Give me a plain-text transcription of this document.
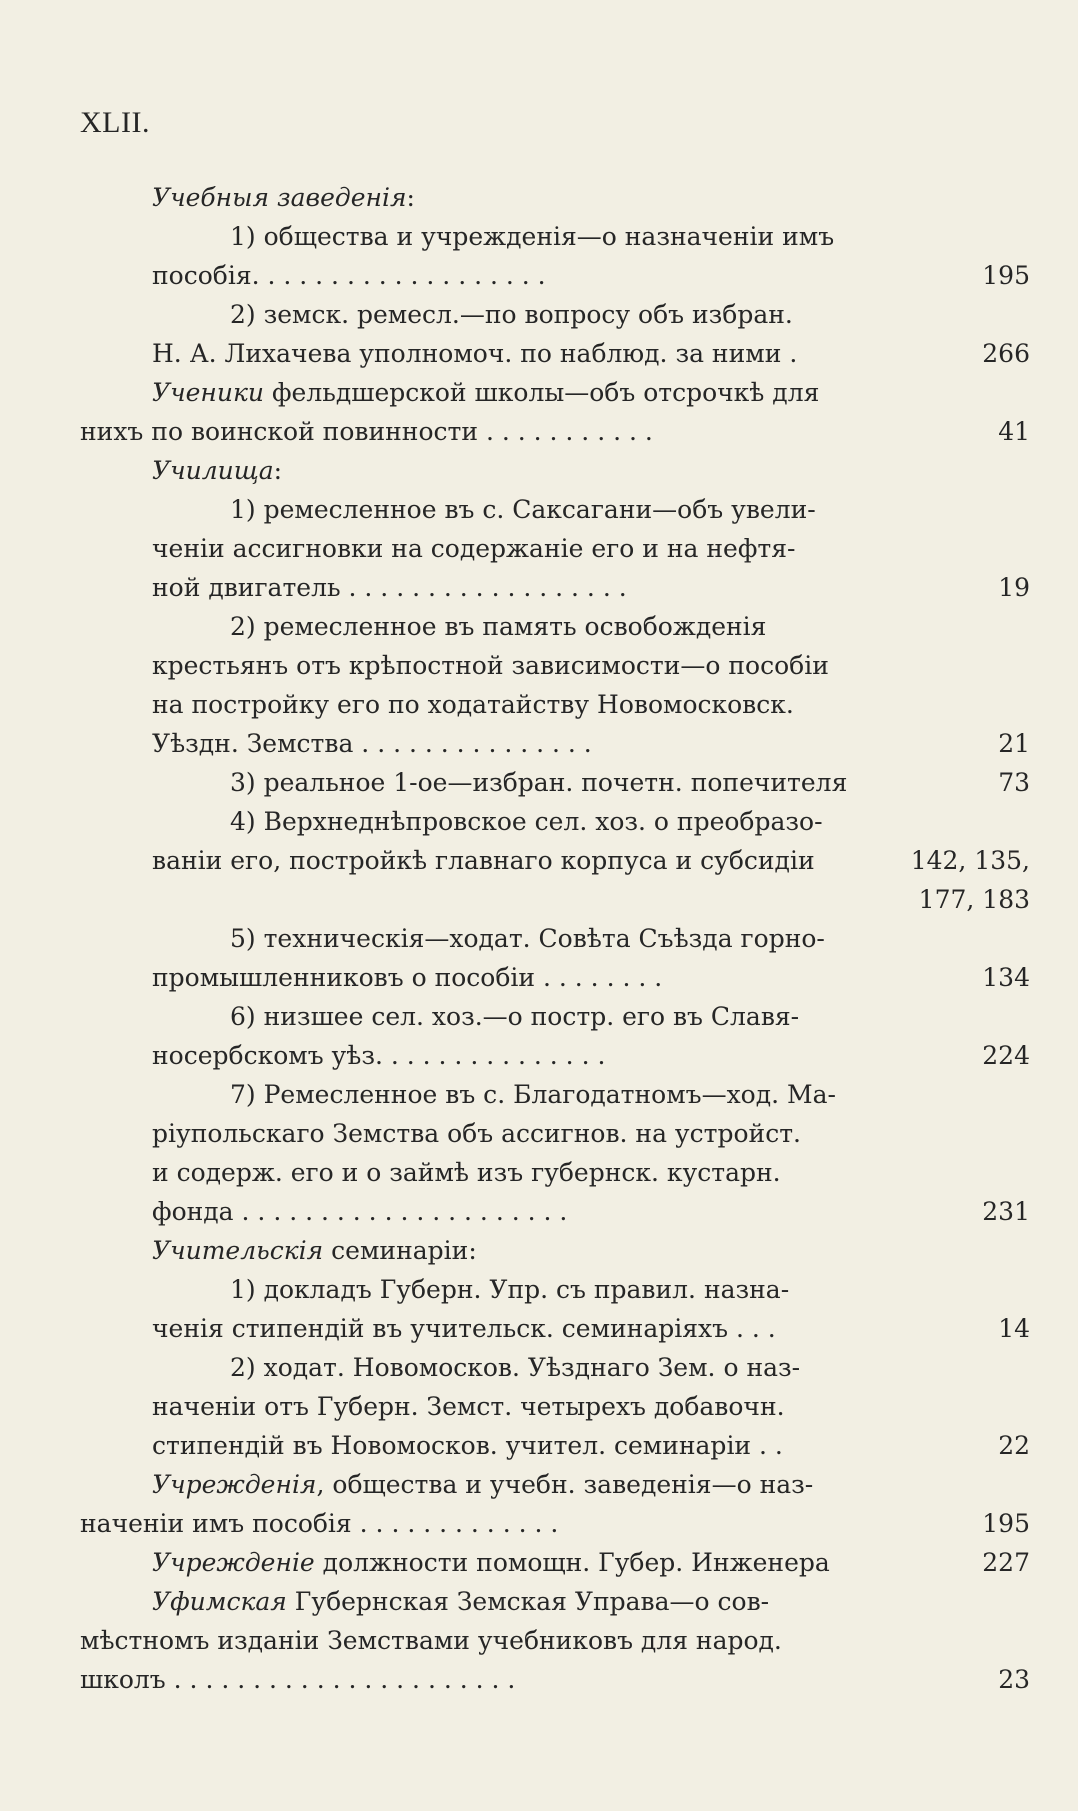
XLII.
Учебныя заведенія:
1) общества и учрежденія—о назначеніи имъ
пособія. . . . . . . . . . . . . . . . . . .	195
2) земск. ремесл.—по вопросу объ избран.
Н. А. Лихачева уполномоч. по наблюд. за ними .	266
Ученики фельдшерской школы—объ отсрочкѣ для
нихъ по воинской повинности . . . . . . . . . . .	41
Училища:
1) ремесленное въ с. Саксагани—объ увели-
ченіи ассигновки на содержаніе его и на нефтя-
ной двигатель . . . . . . . . . . . . . . . . . .	19
2) ремесленное въ память освобожденія
крестьянъ отъ крѣпостной зависимости—о пособіи
на постройку его по ходатайству Новомосковск.
Уѣздн. Земства . . . . . . . . . . . . . . .	21
3) реальное 1-ое—избран. почетн. попечителя	73
4) Верхнеднѣпровское сел. хоз. о преобразо-
ваніи его, постройкѣ главнаго корпуса и субсидіи	142, 135,
177, 183
5) техническія—ходат. Совѣта Съѣзда горно-
промышленниковъ о пособіи . . . . . . . .	134
6) низшее сел. хоз.—о постр. его въ Славя-
носербскомъ уѣз. . . . . . . . . . . . . . .	224
7) Ремесленное въ с. Благодатномъ—ход. Ма-
ріупольскаго Земства объ ассигнов. на устройст.
и содерж. его и о займѣ изъ губернск. кустарн.
фонда . . . . . . . . . . . . . . . . . . . . .	231
Учительскія семинаріи:
1) докладъ Губерн. Упр. съ правил. назна-
ченія стипендій въ учительск. семинаріяхъ . . .	14
2) ходат. Новомосков. Уѣзднаго Зем. о наз-
наченіи отъ Губерн. Земст. четырехъ добавочн.
стипендій въ Новомосков. учител. семинаріи . .	22
Учрежденія, общества и учебн. заведенія—о наз-
наченіи имъ пособія . . . . . . . . . . . . .	195
Учрежденіе должности помощн. Губер. Инженера	227
Уфимская Губернская Земская Управа—о сов-
мѣстномъ изданіи Земствами учебниковъ для народ.
школъ . . . . . . . . . . . . . . . . . . . . . .	23
